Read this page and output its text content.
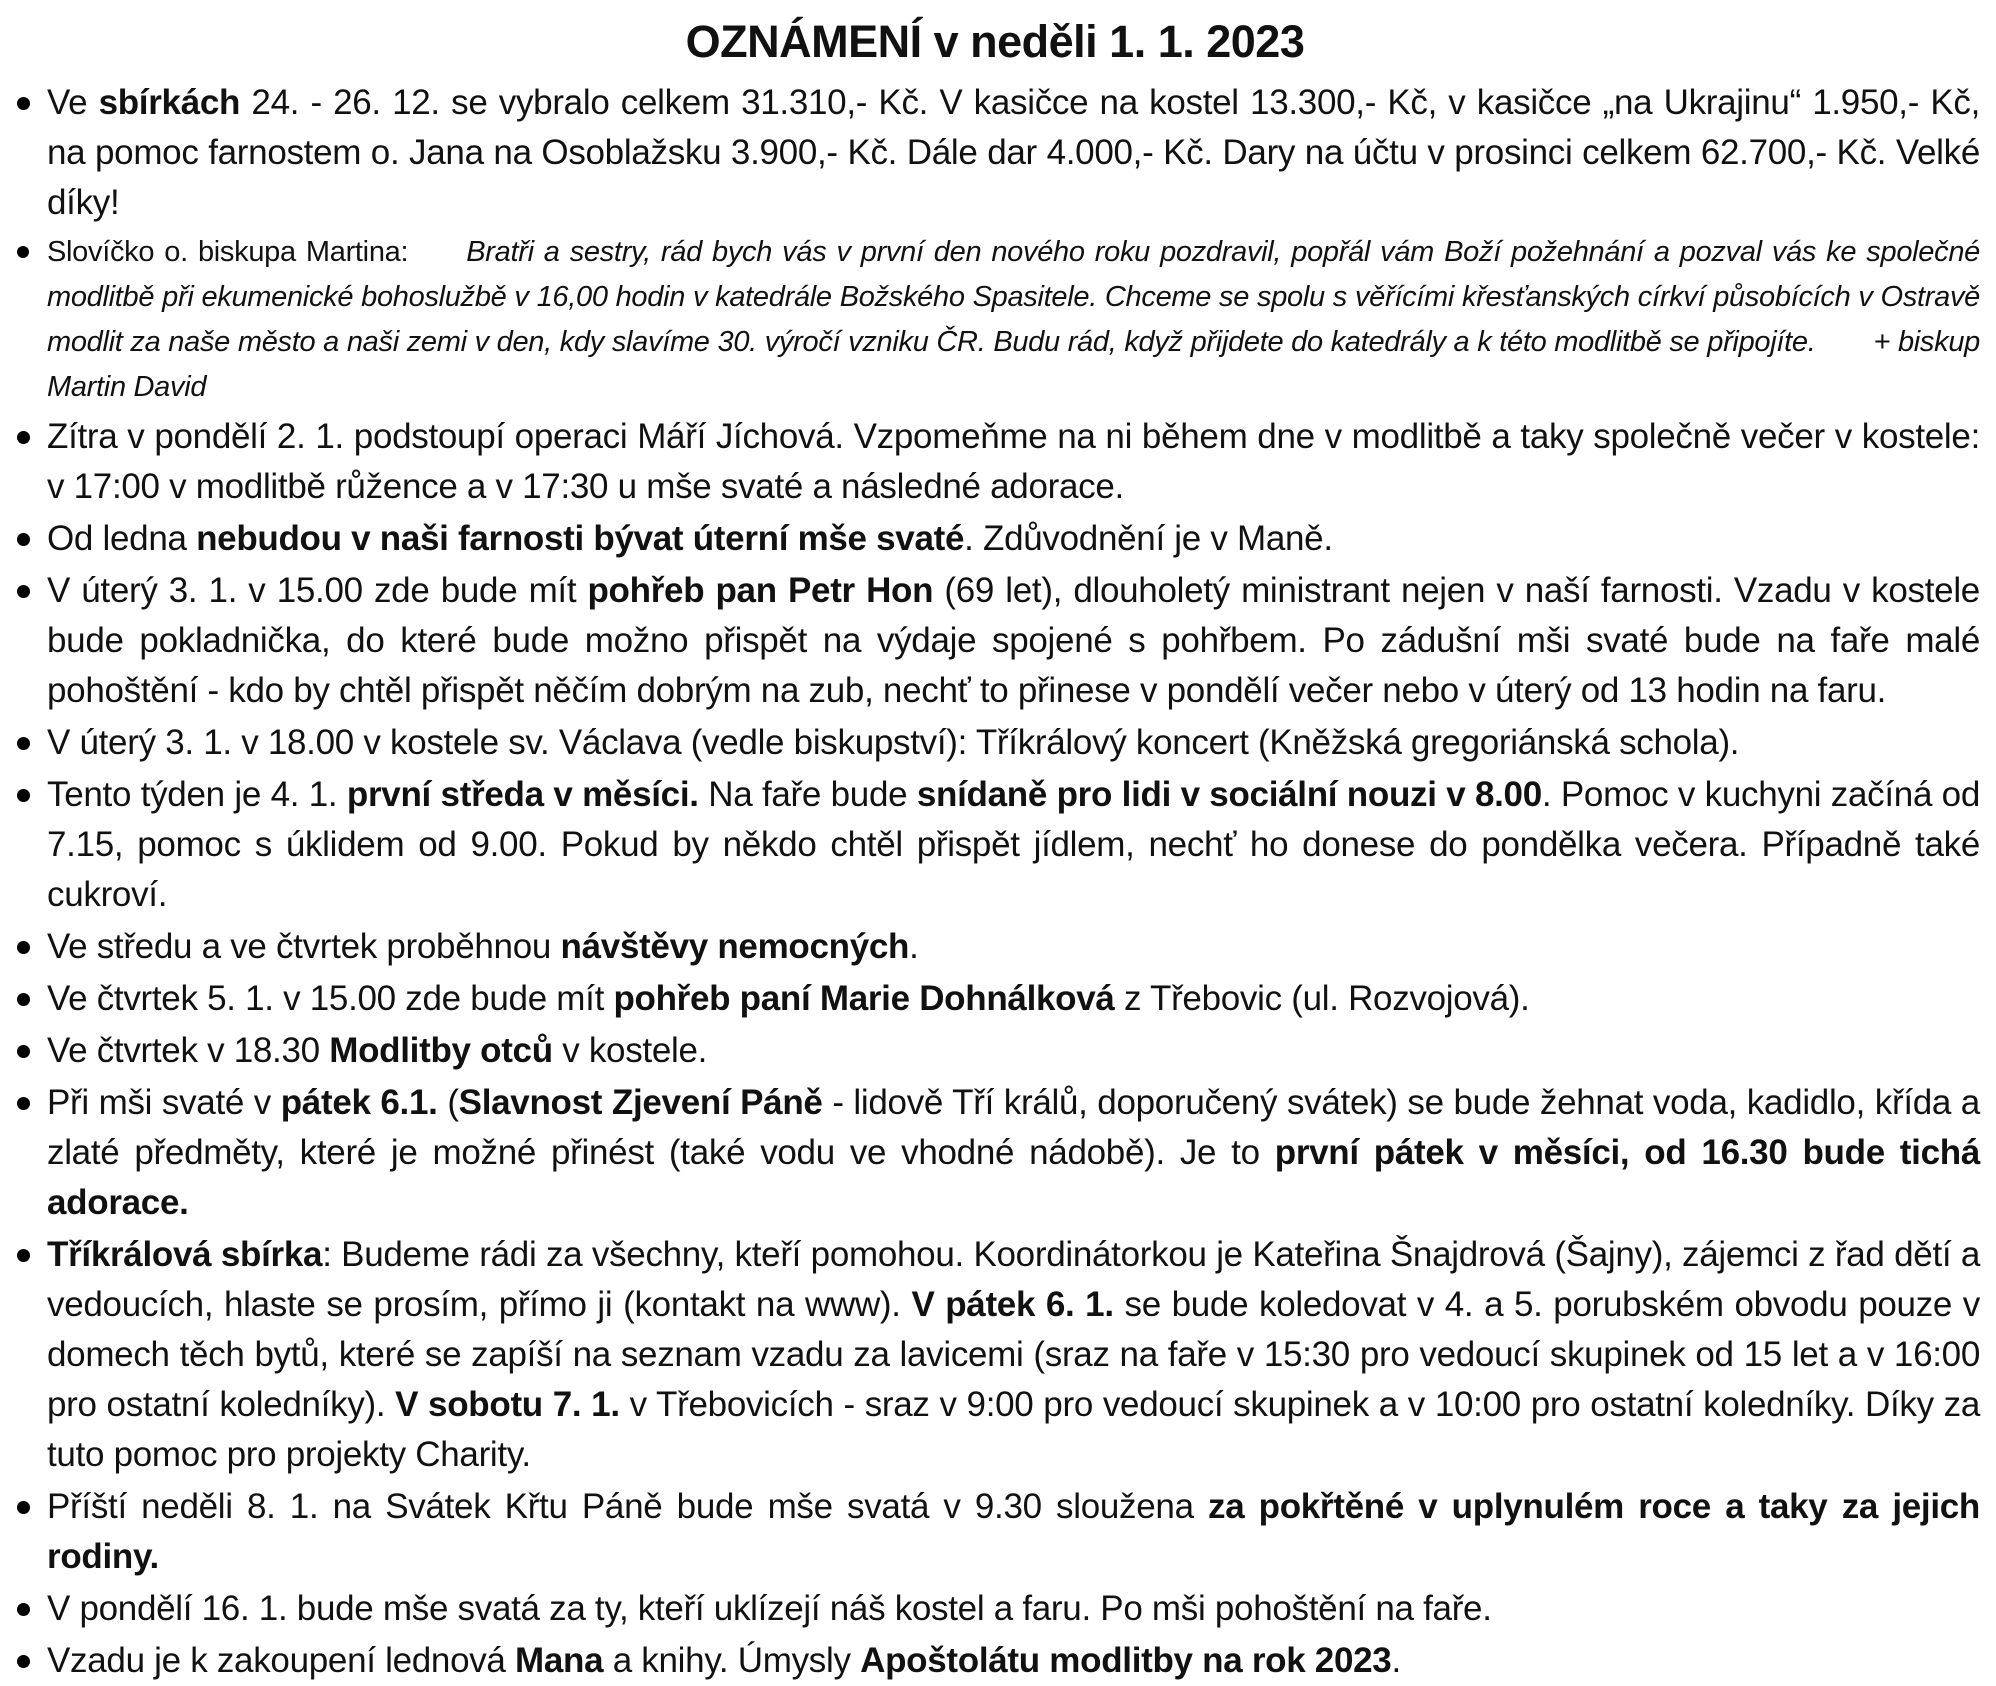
OZNÁMENÍ v neděli 1. 1. 2023
Ve sbírkách 24. - 26. 12. se vybralo celkem 31.310,- Kč. V kasičce na kostel 13.300,- Kč, v kasičce „na Ukrajinu“ 1.950,- Kč, na pomoc farnostem o. Jana na Osoblažsku 3.900,- Kč. Dále dar 4.000,- Kč. Dary na účtu v prosinci celkem 62.700,- Kč. Velké díky!
Slovíčko o. biskupa Martina: Bratři a sestry, rád bych vás v první den nového roku pozdravil, popřál vám Boží požehnání a pozval vás ke společné modlitbě při ekumenické bohoslužbě v 16,00 hodin v katedrále Božského Spasitele. Chceme se spolu s věřícími křesťanských církví působících v Ostravě modlit za naše město a naši zemi v den, kdy slavíme 30. výročí vzniku ČR. Budu rád, když přijdete do katedrály a k této modlitbě se připojíte. + biskup Martin David
Zítra v pondělí 2. 1. podstoupí operaci Máří Jíchová. Vzpomeňme na ni během dne v modlitbě a taky společně večer v kostele: v 17:00 v modlitbě růžence a v 17:30 u mše svaté a následné adorace.
Od ledna nebudou v naši farnosti bývat úterní mše svaté. Zdůvodnění je v Maně.
V úterý 3. 1. v 15.00 zde bude mít pohřeb pan Petr Hon (69 let), dlouholetý ministrant nejen v naší farnosti. Vzadu v kostele bude pokladnička, do které bude možno přispět na výdaje spojené s pohřbem. Po zádušní mši svaté bude na faře malé pohoštění - kdo by chtěl přispět něčím dobrým na zub, nechť to přinese v pondělí večer nebo v úterý od 13 hodin na faru.
V úterý 3. 1. v 18.00 v kostele sv. Václava (vedle biskupství): Tříkrálový koncert (Kněžská gregoriánská schola).
Tento týden je 4. 1. první středa v měsíci. Na faře bude snídaně pro lidi v sociální nouzi v 8.00. Pomoc v kuchyni začíná od 7.15, pomoc s úklidem od 9.00. Pokud by někdo chtěl přispět jídlem, nechť ho donese do pondělka večera. Případně také cukroví.
Ve středu a ve čtvrtek proběhnou návštěvy nemocných.
Ve čtvrtek 5. 1. v 15.00 zde bude mít pohřeb paní Marie Dohnálková z Třebovic (ul. Rozvojová).
Ve čtvrtek v 18.30 Modlitby otců v kostele.
Při mši svaté v pátek 6.1. (Slavnost Zjevení Páně - lidově Tří králů, doporučený svátek) se bude žehnat voda, kadidlo, křída a zlaté předměty, které je možné přinést (také vodu ve vhodné nádobě). Je to první pátek v měsíci, od 16.30 bude tichá adorace.
Tříkrálová sbírka: Budeme rádi za všechny, kteří pomohou. Koordinátorkou je Kateřina Šnajdrová (Šajny), zájemci z řad dětí a vedoucích, hlaste se prosím, přímo ji (kontakt na www). V pátek 6. 1. se bude koledovat v 4. a 5. porubském obvodu pouze v domech těch bytů, které se zapíší na seznam vzadu za lavicemi (sraz na faře v 15:30 pro vedoucí skupinek od 15 let a v 16:00 pro ostatní koledníky). V sobotu 7. 1. v Třebovicích - sraz v 9:00 pro vedoucí skupinek a v 10:00 pro ostatní koledníky. Díky za tuto pomoc pro projekty Charity.
Příští neděli 8. 1. na Svátek Křtu Páně bude mše svatá v 9.30 sloužena za pokřtěné v uplynulém roce a taky za jejich rodiny.
V pondělí 16. 1. bude mše svatá za ty, kteří uklízejí náš kostel a faru. Po mši pohoštění na faře.
Vzadu je k zakoupení lednová Mana a knihy. Úmysly Apoštolátu modlitby na rok 2023.
